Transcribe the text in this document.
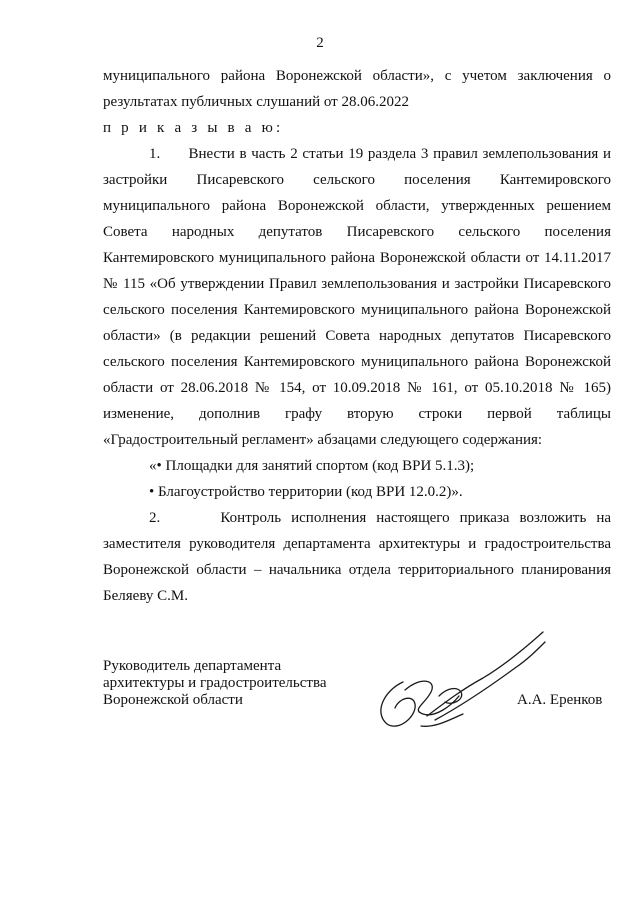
2

муниципального района Воронежской области», с учетом заключения о результатах публичных слушаний от 28.06.2022

п р и к а з ы в а ю:

1.      Внести в часть 2 статьи 19 раздела 3 правил землепользования и застройки Писаревского сельского поселения Кантемировского муниципального района Воронежской области, утвержденных решением Совета народных депутатов Писаревского сельского поселения Кантемировского муниципального района Воронежской области от 14.11.2017 № 115 «Об утверждении Правил землепользования и застройки Писаревского сельского поселения Кантемировского муниципального района Воронежской области» (в редакции решений Совета народных депутатов Писаревского сельского поселения Кантемировского муниципального района Воронежской области от 28.06.2018 № 154, от 10.09.2018 № 161, от 05.10.2018 № 165) изменение, дополнив графу вторую строки первой таблицы «Градостроительный регламент» абзацами следующего содержания:

«• Площадки для занятий спортом (код ВРИ 5.1.3);

• Благоустройство территории (код ВРИ 12.0.2)».

2.      Контроль исполнения настоящего приказа возложить на заместителя руководителя департамента архитектуры и градостроительства Воронежской области – начальника отдела территориального планирования Беляеву С.М.

Руководитель департамента
архитектуры и градостроительства
Воронежской области	А.А. Еренков
